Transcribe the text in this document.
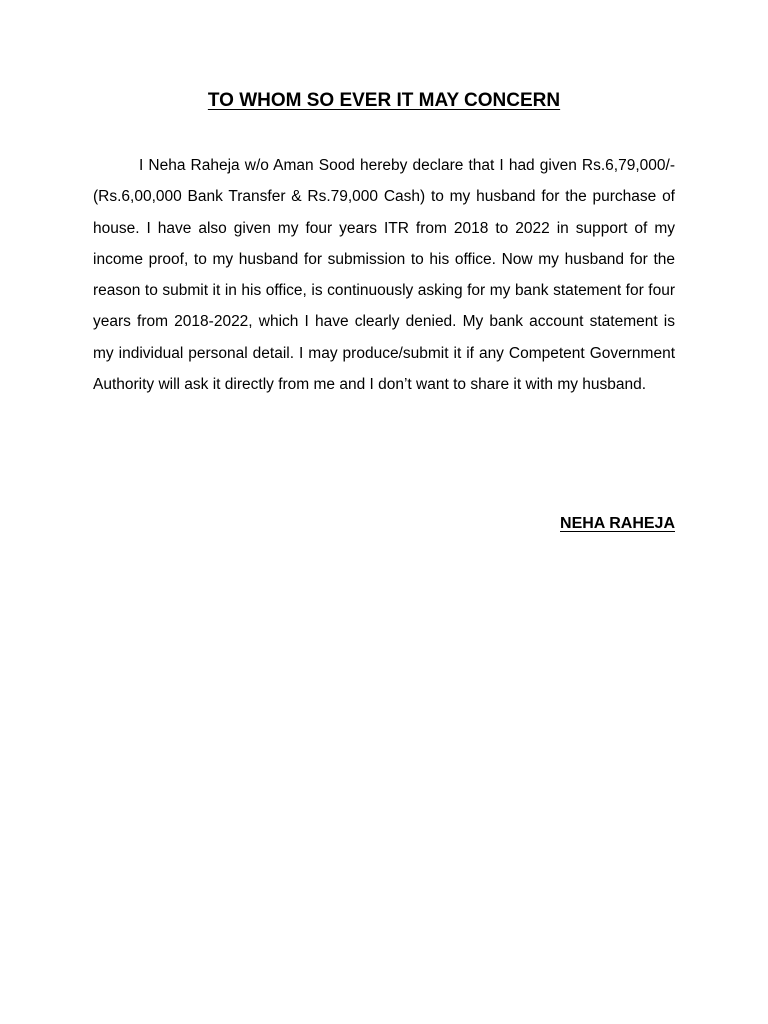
TO WHOM SO EVER IT MAY CONCERN

I Neha Raheja w/o Aman Sood hereby declare that I had given Rs.6,79,000/- (Rs.6,00,000 Bank Transfer & Rs.79,000 Cash) to my husband for the purchase of house. I have also given my four years ITR from 2018 to 2022 in support of my income proof, to my husband for submission to his office. Now my husband for the reason to submit it in his office, is continuously asking for my bank statement for four years from 2018-2022, which I have clearly denied. My bank account statement is my individual personal detail. I may produce/submit it if any Competent Government Authority will ask it directly from me and I don’t want to share it with my husband.

NEHA RAHEJA
